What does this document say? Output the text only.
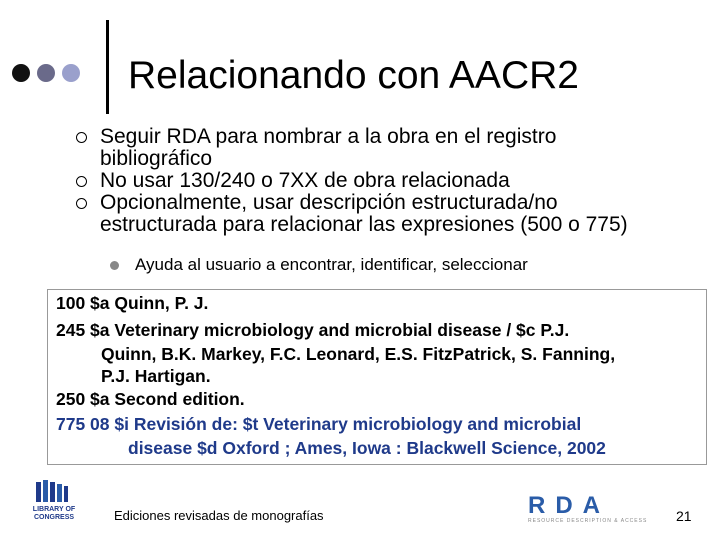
Relacionando con AACR2
Seguir RDA para nombrar a la obra en el registro
bibliográfico
No usar 130/240 o 7XX de obra relacionada
Opcionalmente, usar descripción estructurada/no
estructurada para relacionar las expresiones (500 o 775)
Ayuda al usuario a encontrar, identificar, seleccionar
100 $a Quinn, P. J.
245 $a Veterinary microbiology and microbial disease / $c P.J.
Quinn, B.K. Markey, F.C. Leonard, E.S. FitzPatrick, S. Fanning,
P.J. Hartigan.
250 $a Second edition.
775 08 $i Revisión de: $t Veterinary microbiology and microbial
disease $d Oxford ; Ames, Iowa : Blackwell Science, 2002
LIBRARY OF
CONGRESS	Ediciones revisadas de monografías	RDA
RESOURCE DESCRIPTION & ACCESS 21
